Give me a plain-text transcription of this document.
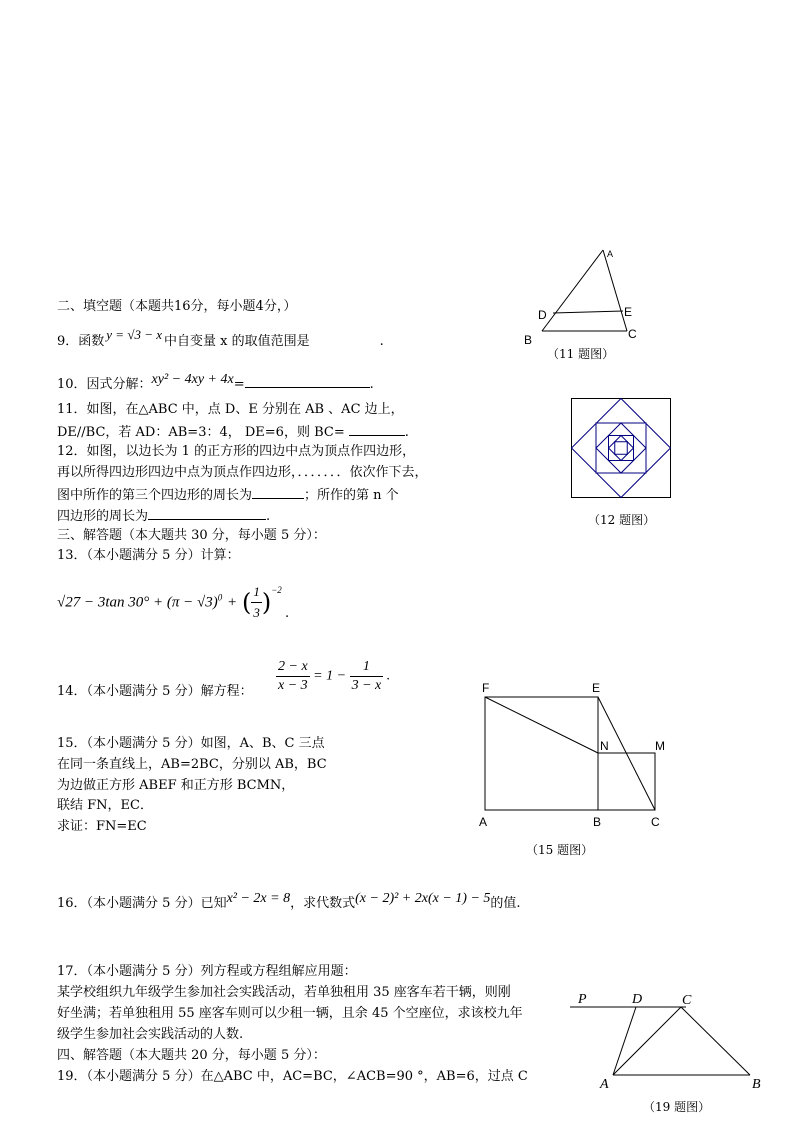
二、填空题（本题共16分，每小题4分，）
9．函数 y = √3 − x 中自变量 x 的取值范围是	.
10．因式分解：xy² − 4xy + 4x=	.
11．如图，在△ABC 中，点 D、E 分别在 AB 、AC 边上，
DE//BC，若 AD：AB=3：4， DE=6，则 BC=	.
12．如图，以边长为 1 的正方形的四边中点为顶点作四边形，
再以所得四边形四边中点为顶点作四边形，．．．．．．．依次作下去，
图中所作的第三个四边形的周长为	；所作的第 n 个
四边形的周长为	.
三、解答题（本大题共 30 分，每小题 5 分）：
13．（本小题满分 5 分）计算：
√27 − 3tan $30^\circ + (\pi - √3)^0$ + ( $\frac{1}{3} )^{-2}$
.
14．（本小题满分 5 分）解方程： $\frac{2 - x}{x - 3} = 1 - \frac{1}{3 - x}$ .
15．（本小题满分 5 分）如图，A、B、C 三点
在同一条直线上，AB=2BC，分别以 AB，BC
为边做正方形 ABEF 和正方形 BCMN，
联结 FN，EC．
求证：FN=EC
16．（本小题满分 5 分）已知x² − 2x = 8，求代数式(x − 2)² + 2x(x − 1) − 5的值.
17．（本小题满分 5 分）列方程或方程组解应用题：
某学校组织九年级学生参加社会实践活动，若单独租用 35 座客车若干辆，则刚
好坐满；若单独租用 55 座客车则可以少租一辆，且余 45 个空座位，求该校九年
级学生参加社会实践活动的人数.
四、解答题（本大题共 20 分，每小题 5 分）：
19．（本小题满分 5 分）在△ABC 中，AC=BC，∠ACB=90 °，AB=6，过点 C
A
D	E
B	C
（11 题图）
（12 题图）
F	E
N	M
A	B	C
（15 题图）
P	D	C
A	B
（19 题图）
